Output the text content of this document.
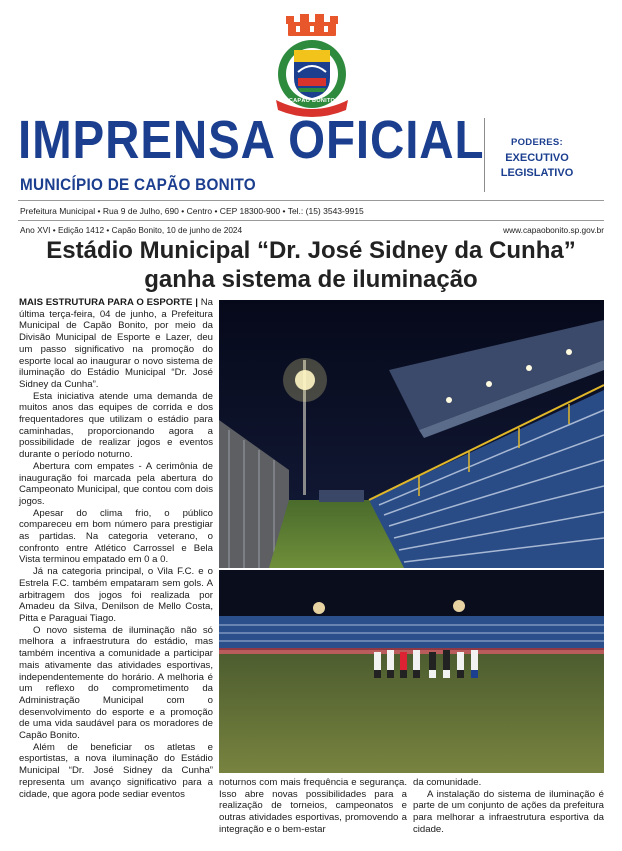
CAPÃO BONITO
SÃO PAULO
1857
IMPRENSA OFICIAL
MUNICÍPIO DE CAPÃO BONITO
PODERES:
EXECUTIVO
LEGISLATIVO
Prefeitura Municipal • Rua 9 de Julho, 690 • Centro • CEP 18300-900 • Tel.: (15) 3543-9915
Ano XVI • Edição 1412 • Capão Bonito, 10 de junho de 2024	www.capaobonito.sp.gov.br
Estádio Municipal “Dr. José Sidney da Cunha”
ganha sistema de iluminação

MAIS ESTRUTURA PARA O ESPORTE | Na última terça-feira, 04 de junho, a Prefeitura Municipal de Capão Bonito, por meio da Divisão Municipal de Esporte e Lazer, deu um passo significativo na promoção do esporte local ao inaugurar o novo sistema de iluminação do Estádio Municipal “Dr. José Sidney da Cunha”.

Esta iniciativa atende uma demanda de muitos anos das equipes de corrida e dos frequentadores que utilizam o estádio para caminhadas, proporcionando agora a possibilidade de realizar jogos e eventos durante o período noturno.

Abertura com empates - A cerimônia de inauguração foi marcada pela abertura do Campeonato Municipal, que contou com dois jogos.

Apesar do clima frio, o público compareceu em bom número para prestigiar as partidas. Na categoria veterano, o confronto entre Atlético Carrossel e Bela Vista terminou empatado em 0 a 0.

Já na categoria principal, o Vila F.C. e o Estrela F.C. também empataram sem gols. A arbitragem dos jogos foi realizada por Amadeu da Silva, Denilson de Mello Costa, Pitta e Paraguai Tiago.

O novo sistema de iluminação não só melhora a infraestrutura do estádio, mas também incentiva a comunidade a participar mais ativamente das atividades esportivas, independentemente do horário. A melhoria é um reflexo do comprometimento da Administração Municipal com o desenvolvimento do esporte e a promoção de uma vida saudável para os moradores de Capão Bonito.

Além de beneficiar os atletas e esportistas, a nova iluminação do Estádio Municipal “Dr. José Sidney da Cunha” representa um avanço significativo para a cidade, que agora pode sediar eventos

noturnos com mais frequência e segurança. Isso abre novas possibilidades para a realização de torneios, campeonatos e outras atividades esportivas, promovendo a integração e o bem-estar

da comunidade.

A instalação do sistema de iluminação é parte de um conjunto de ações da prefeitura para melhorar a infraestrutura esportiva da cidade.
